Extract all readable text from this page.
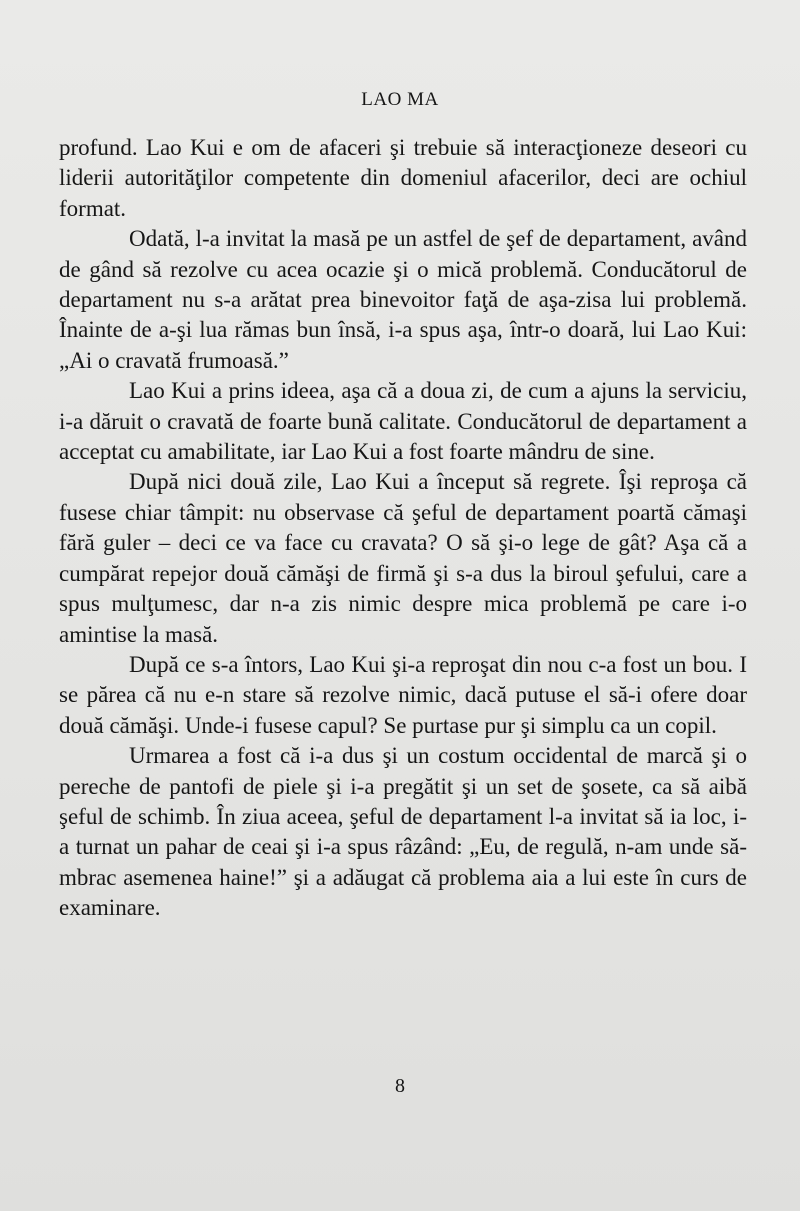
LAO MA

profund. Lao Kui e om de afaceri şi trebuie să interacţioneze deseori cu liderii autorităţilor competente din domeniul afacerilor, deci are ochiul format.

Odată, l-a invitat la masă pe un astfel de şef de departament, având de gând să rezolve cu acea ocazie şi o mică problemă. Conducătorul de departament nu s-a arătat prea binevoitor faţă de aşa-zisa lui problemă. Înainte de a-şi lua rămas bun însă, i-a spus aşa, într-o doară, lui Lao Kui: „Ai o cravată frumoasă.”

Lao Kui a prins ideea, aşa că a doua zi, de cum a ajuns la serviciu, i-a dăruit o cravată de foarte bună calitate. Conducătorul de departament a acceptat cu amabilitate, iar Lao Kui a fost foarte mândru de sine.

După nici două zile, Lao Kui a început să regrete. Îşi reproşa că fusese chiar tâmpit: nu observase că şeful de departament poartă cămaşi fără guler – deci ce va face cu cravata? O să şi-o lege de gât? Aşa că a cumpărat repejor două cămăşi de firmă şi s-a dus la biroul şefului, care a spus mulţumesc, dar n-a zis nimic despre mica problemă pe care i-o amintise la masă.

După ce s-a întors, Lao Kui şi-a reproşat din nou c-a fost un bou. I se părea că nu e-n stare să rezolve nimic, dacă putuse el să-i ofere doar două cămăşi. Unde-i fusese capul? Se purtase pur şi simplu ca un copil.

Urmarea a fost că i-a dus şi un costum occidental de marcă şi o pereche de pantofi de piele şi i-a pregătit şi un set de şosete, ca să aibă şeful de schimb. În ziua aceea, şeful de departament l-a invitat să ia loc, i-a turnat un pahar de ceai şi i-a spus râzând: „Eu, de regulă, n-am unde să-mbrac asemenea haine!” şi a adăugat că problema aia a lui este în curs de examinare.

8
